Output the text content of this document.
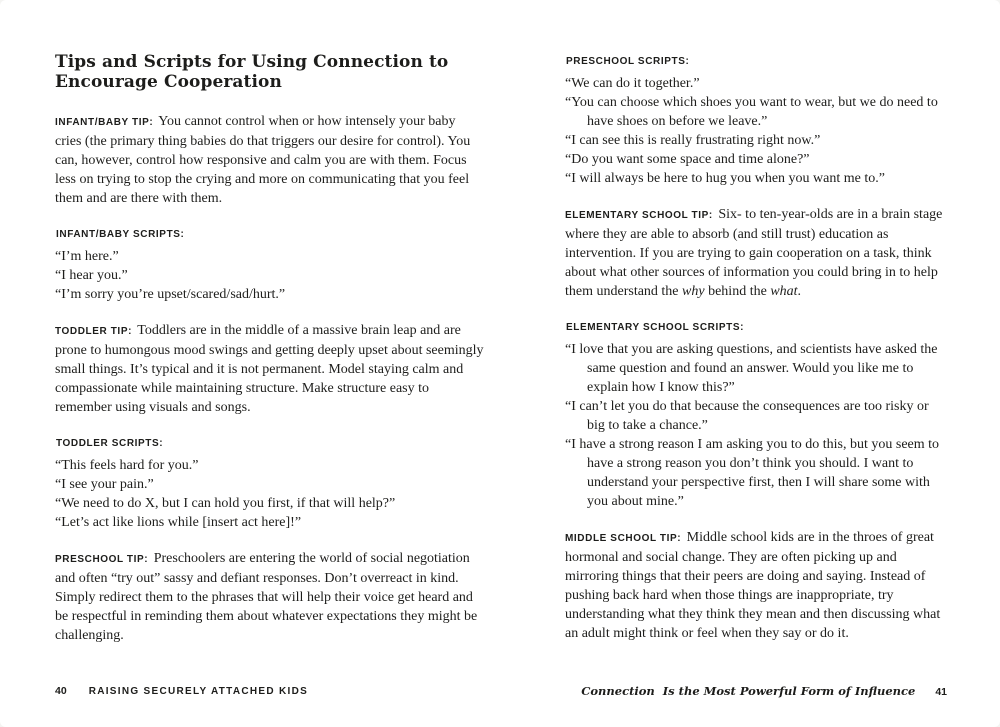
Tips and Scripts for Using Connection to
Encourage Cooperation

INFANT/BABY TIP: You cannot control when or how intensely your baby cries (the primary thing babies do that triggers our desire for control). You can, however, control how responsive and calm you are with them. Focus less on trying to stop the crying and more on communicating that you feel them and are there with them.

INFANT/BABY SCRIPTS:

“I’m here.”

“I hear you.”

“I’m sorry you’re upset/scared/sad/hurt.”

TODDLER TIP: Toddlers are in the middle of a massive brain leap and are prone to humongous mood swings and getting deeply upset about seemingly small things. It’s typical and it is not permanent. Model staying calm and compassionate while maintaining structure. Make structure easy to remember using visuals and songs.

TODDLER SCRIPTS:

“This feels hard for you.”

“I see your pain.”

“We need to do X, but I can hold you first, if that will help?”

“Let’s act like lions while [insert act here]!”

PRESCHOOL TIP: Preschoolers are entering the world of social negotiation and often “try out” sassy and defiant responses. Don’t overreact in kind. Simply redirect them to the phrases that will help their voice get heard and be respectful in reminding them about whatever expectations they might be challenging.

PRESCHOOL SCRIPTS:

“We can do it together.”

“You can choose which shoes you want to wear, but we do need to have shoes on before we leave.”

“I can see this is really frustrating right now.”

“Do you want some space and time alone?”

“I will always be here to hug you when you want me to.”

ELEMENTARY SCHOOL TIP: Six- to ten-year-olds are in a brain stage where they are able to absorb (and still trust) education as intervention. If you are trying to gain cooperation on a task, think about what other sources of information you could bring in to help them understand the why behind the what.

ELEMENTARY SCHOOL SCRIPTS:

“I love that you are asking questions, and scientists have asked the same question and found an answer. Would you like me to explain how I know this?”

“I can’t let you do that because the consequences are too risky or big to take a chance.”

“I have a strong reason I am asking you to do this, but you seem to have a strong reason you don’t think you should. I want to understand your perspective first, then I will share some with you about mine.”

MIDDLE SCHOOL TIP: Middle school kids are in the throes of great hormonal and social change. They are often picking up and mirroring things that their peers are doing and saying. Instead of pushing back hard when those things are inappropriate, try understanding what they think they mean and then discussing what an adult might think or feel when they say or do it.

40 RAISING SECURELY ATTACHED KIDS	Connection  Is the Most Powerful Form of Influence 41
